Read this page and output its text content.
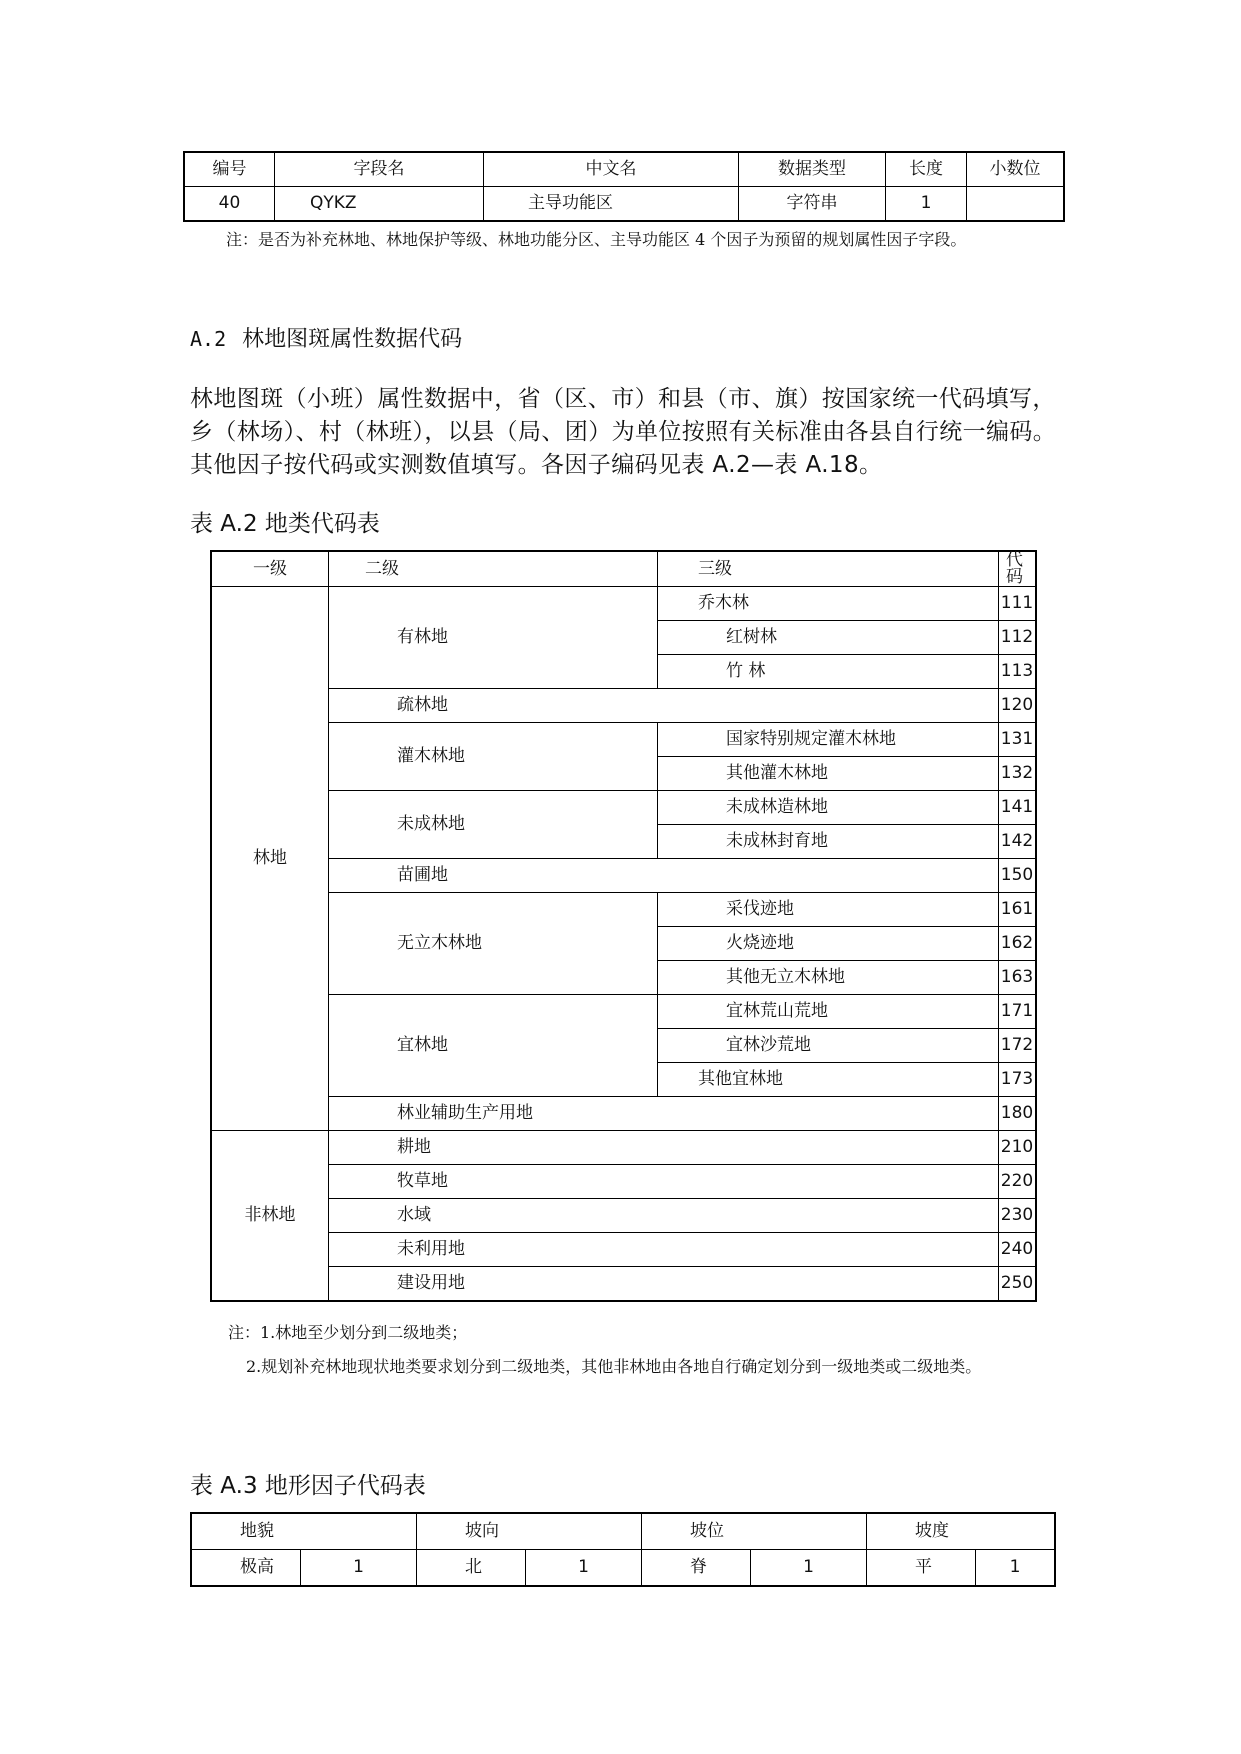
编号	字段名	中文名	数据类型	长度	小数位
40	QYKZ	主导功能区	字符串	1	
注：是否为补充林地、林地保护等级、林地功能分区、主导功能区 4 个因子为预留的规划属性因子字段。
A.2 林地图斑属性数据代码
林地图斑（小班）属性数据中，省（区、市）和县（市、旗）按国家统一代码填写，乡（林场）、村（林班），以县（局、团）为单位按照有关标准由各县自行统一编码。其他因子按代码或实测数值填写。各因子编码见表 A.2—表 A.18。
表 A.2 地类代码表
一级	二级	三级	代码
林地	有林地	乔木林	111
		红树林	112
		竹 林	113
	疏林地		120
	灌木林地	国家特别规定灌木林地	131
		其他灌木林地	132
	未成林地	未成林造林地	141
		未成林封育地	142
	苗圃地		150
	无立木林地	采伐迹地	161
		火烧迹地	162
		其他无立木林地	163
	宜林地	宜林荒山荒地	171
		宜林沙荒地	172
		其他宜林地	173
	林业辅助生产用地		180
非林地	耕地		210
	牧草地		220
	水域		230
	未利用地		240
	建设用地		250
注：1.林地至少划分到二级地类；
2.规划补充林地现状地类要求划分到二级地类，其他非林地由各地自行确定划分到一级地类或二级地类。
表 A.3 地形因子代码表
地貌		坡向		坡位		坡度	
极高	1	北	1	脊	1	平	1
